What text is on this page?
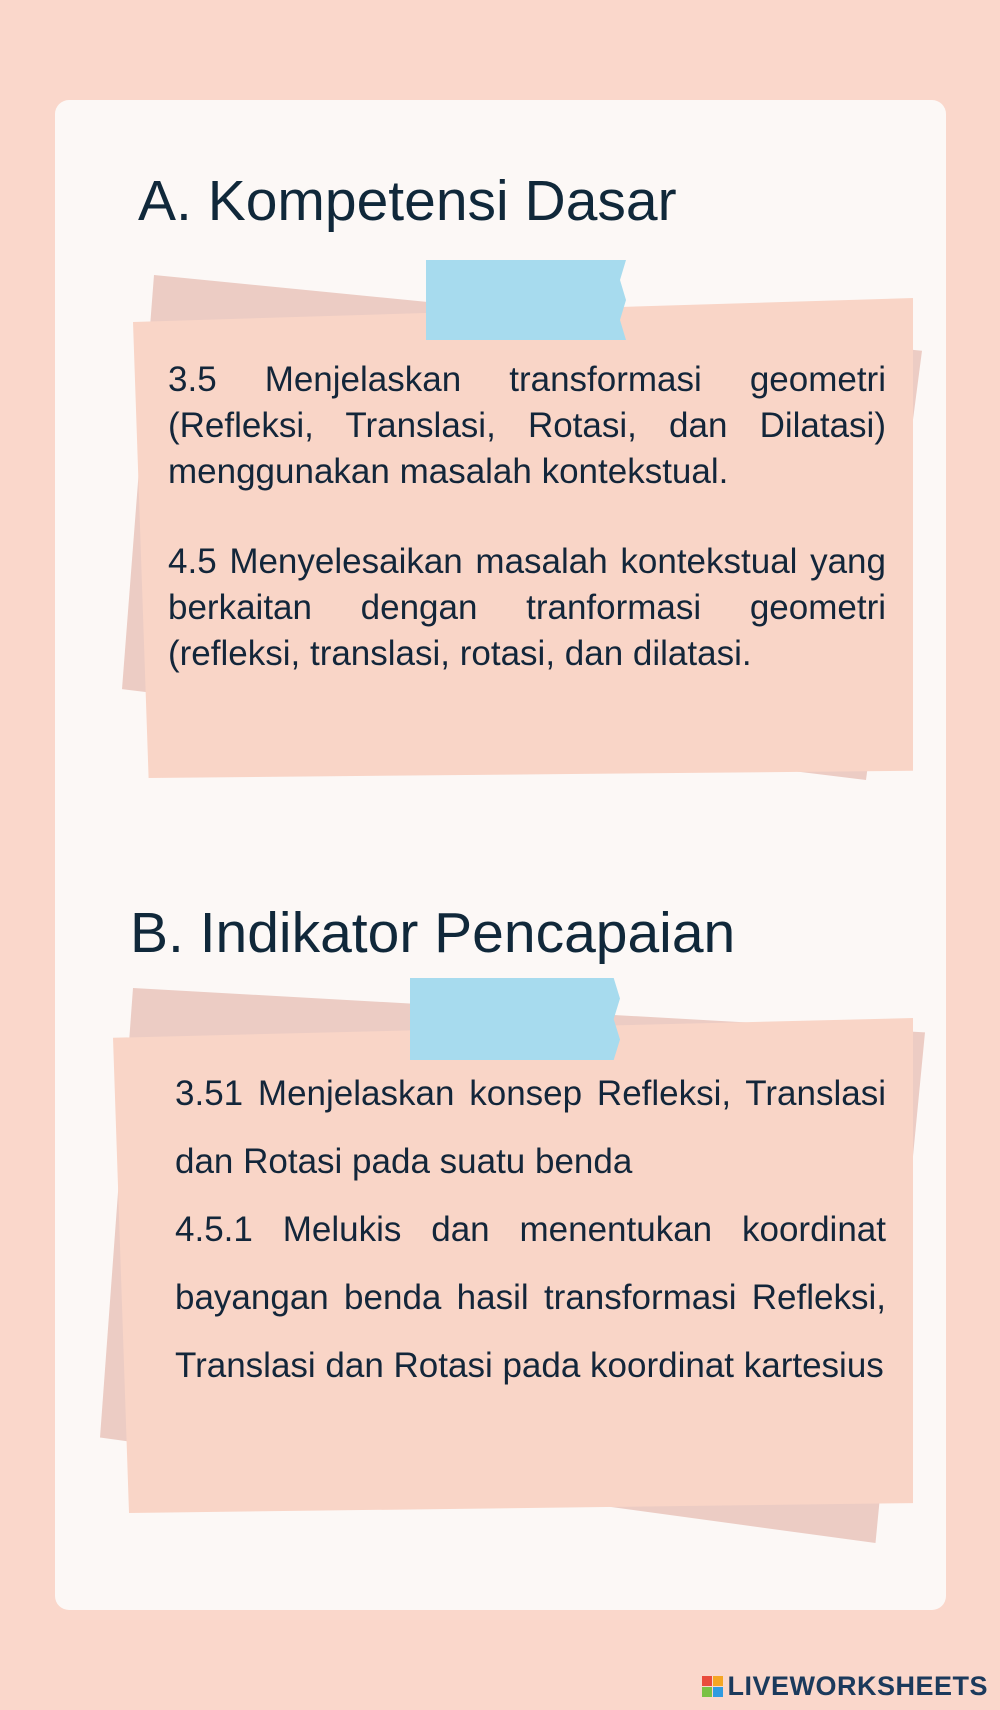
A. Kompetensi Dasar

3.5 Menjelaskan transformasi geometri (Refleksi, Translasi, Rotasi, dan Dilatasi) menggunakan masalah kontekstual.

4.5 Menyelesaikan masalah kontekstual yang berkaitan dengan tranformasi geometri (refleksi, translasi, rotasi, dan dilatasi.

B. Indikator Pencapaian

3.51 Menjelaskan konsep Refleksi, Translasi dan Rotasi pada suatu benda

4.5.1 Melukis dan menentukan koordinat bayangan benda hasil transformasi Refleksi, Translasi dan Rotasi pada koordinat kartesius

LIVEWORKSHEETS
